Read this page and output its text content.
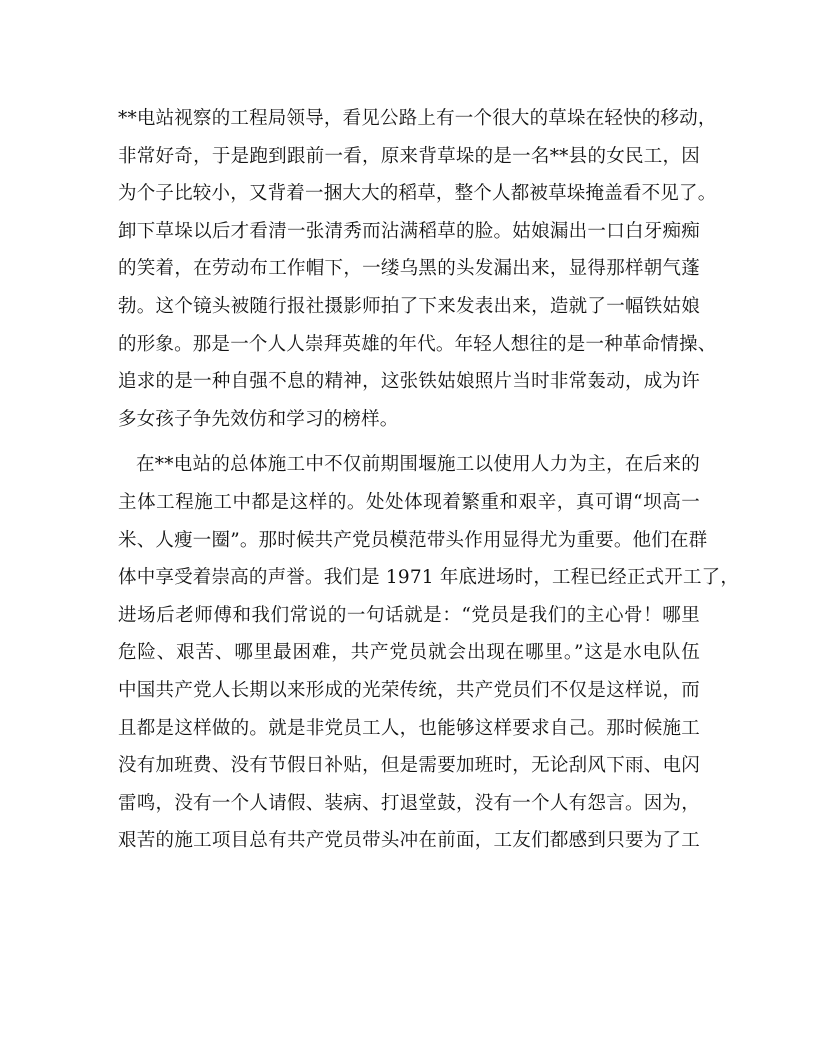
**电站视察的工程局领导，看见公路上有一个很大的草垛在轻快的移动，
非常好奇，于是跑到跟前一看，原来背草垛的是一名**县的女民工，因
为个子比较小，又背着一捆大大的稻草，整个人都被草垛掩盖看不见了。
卸下草垛以后才看清一张清秀而沾满稻草的脸。姑娘漏出一口白牙痴痴
的笑着，在劳动布工作帽下，一缕乌黑的头发漏出来，显得那样朝气蓬
勃。这个镜头被随行报社摄影师拍了下来发表出来，造就了一幅铁姑娘
的形象。那是一个人人崇拜英雄的年代。年轻人想往的是一种革命情操、
追求的是一种自强不息的精神，这张铁姑娘照片当时非常轰动，成为许
多女孩子争先效仿和学习的榜样。
在**电站的总体施工中不仅前期围堰施工以使用人力为主，在后来的
主体工程施工中都是这样的。处处体现着繁重和艰辛，真可谓“坝高一
米、人瘦一圈”。那时候共产党员模范带头作用显得尤为重要。他们在群
体中享受着崇高的声誉。我们是 1971 年底进场时，工程已经正式开工了，
进场后老师傅和我们常说的一句话就是：“党员是我们的主心骨！哪里
危险、艰苦、哪里最困难，共产党员就会出现在哪里。”这是水电队伍
中国共产党人长期以来形成的光荣传统，共产党员们不仅是这样说，而
且都是这样做的。就是非党员工人，也能够这样要求自己。那时候施工
没有加班费、没有节假日补贴，但是需要加班时，无论刮风下雨、电闪
雷鸣，没有一个人请假、装病、打退堂鼓，没有一个人有怨言。因为，
艰苦的施工项目总有共产党员带头冲在前面，工友们都感到只要为了工
